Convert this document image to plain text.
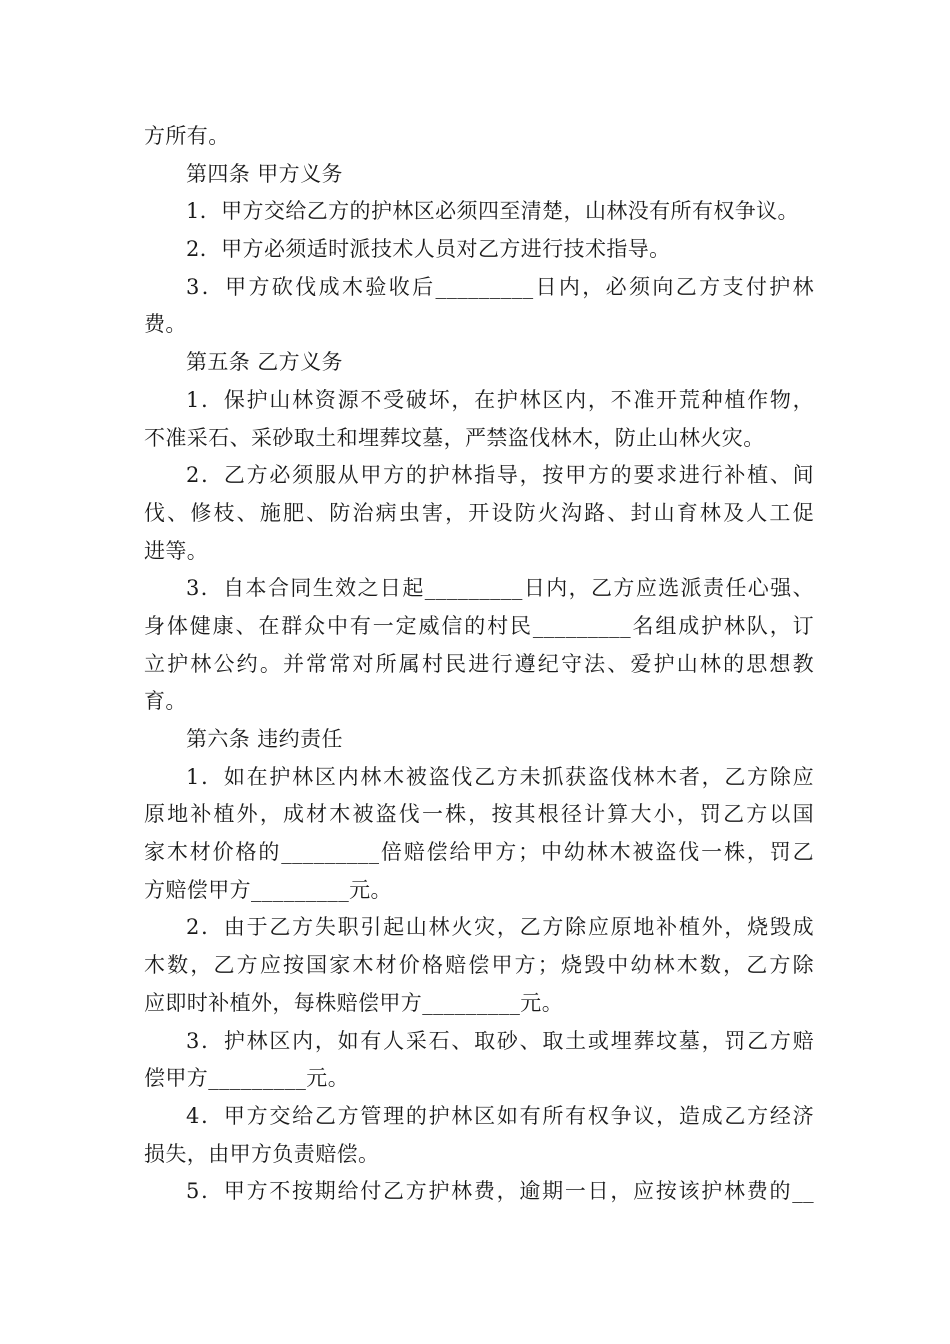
方所有。
第四条 甲方义务
1．甲方交给乙方的护林区必须四至清楚，山林没有所有权争议。
2．甲方必须适时派技术人员对乙方进行技术指导。
3．甲方砍伐成木验收后_________日内，必须向乙方支付护林
费。
第五条 乙方义务
1．保护山林资源不受破坏，在护林区内，不准开荒种植作物，
不准采石、采砂取土和埋葬坟墓，严禁盗伐林木，防止山林火灾。
2．乙方必须服从甲方的护林指导，按甲方的要求进行补植、间
伐、修枝、施肥、防治病虫害，开设防火沟路、封山育林及人工促
进等。
3．自本合同生效之日起_________日内，乙方应选派责任心强、
身体健康、在群众中有一定威信的村民_________名组成护林队，订
立护林公约。并常常对所属村民进行遵纪守法、爱护山林的思想教
育。
第六条 违约责任
1．如在护林区内林木被盗伐乙方未抓获盗伐林木者，乙方除应
原地补植外，成材木被盗伐一株，按其根径计算大小，罚乙方以国
家木材价格的_________倍赔偿给甲方；中幼林木被盗伐一株，罚乙
方赔偿甲方_________元。
2．由于乙方失职引起山林火灾，乙方除应原地补植外，烧毁成
木数，乙方应按国家木材价格赔偿甲方；烧毁中幼林木数，乙方除
应即时补植外，每株赔偿甲方_________元。
3．护林区内，如有人采石、取砂、取土或埋葬坟墓，罚乙方赔
偿甲方_________元。
4．甲方交给乙方管理的护林区如有所有权争议，造成乙方经济
损失，由甲方负责赔偿。
5．甲方不按期给付乙方护林费，逾期一日，应按该护林费的__
